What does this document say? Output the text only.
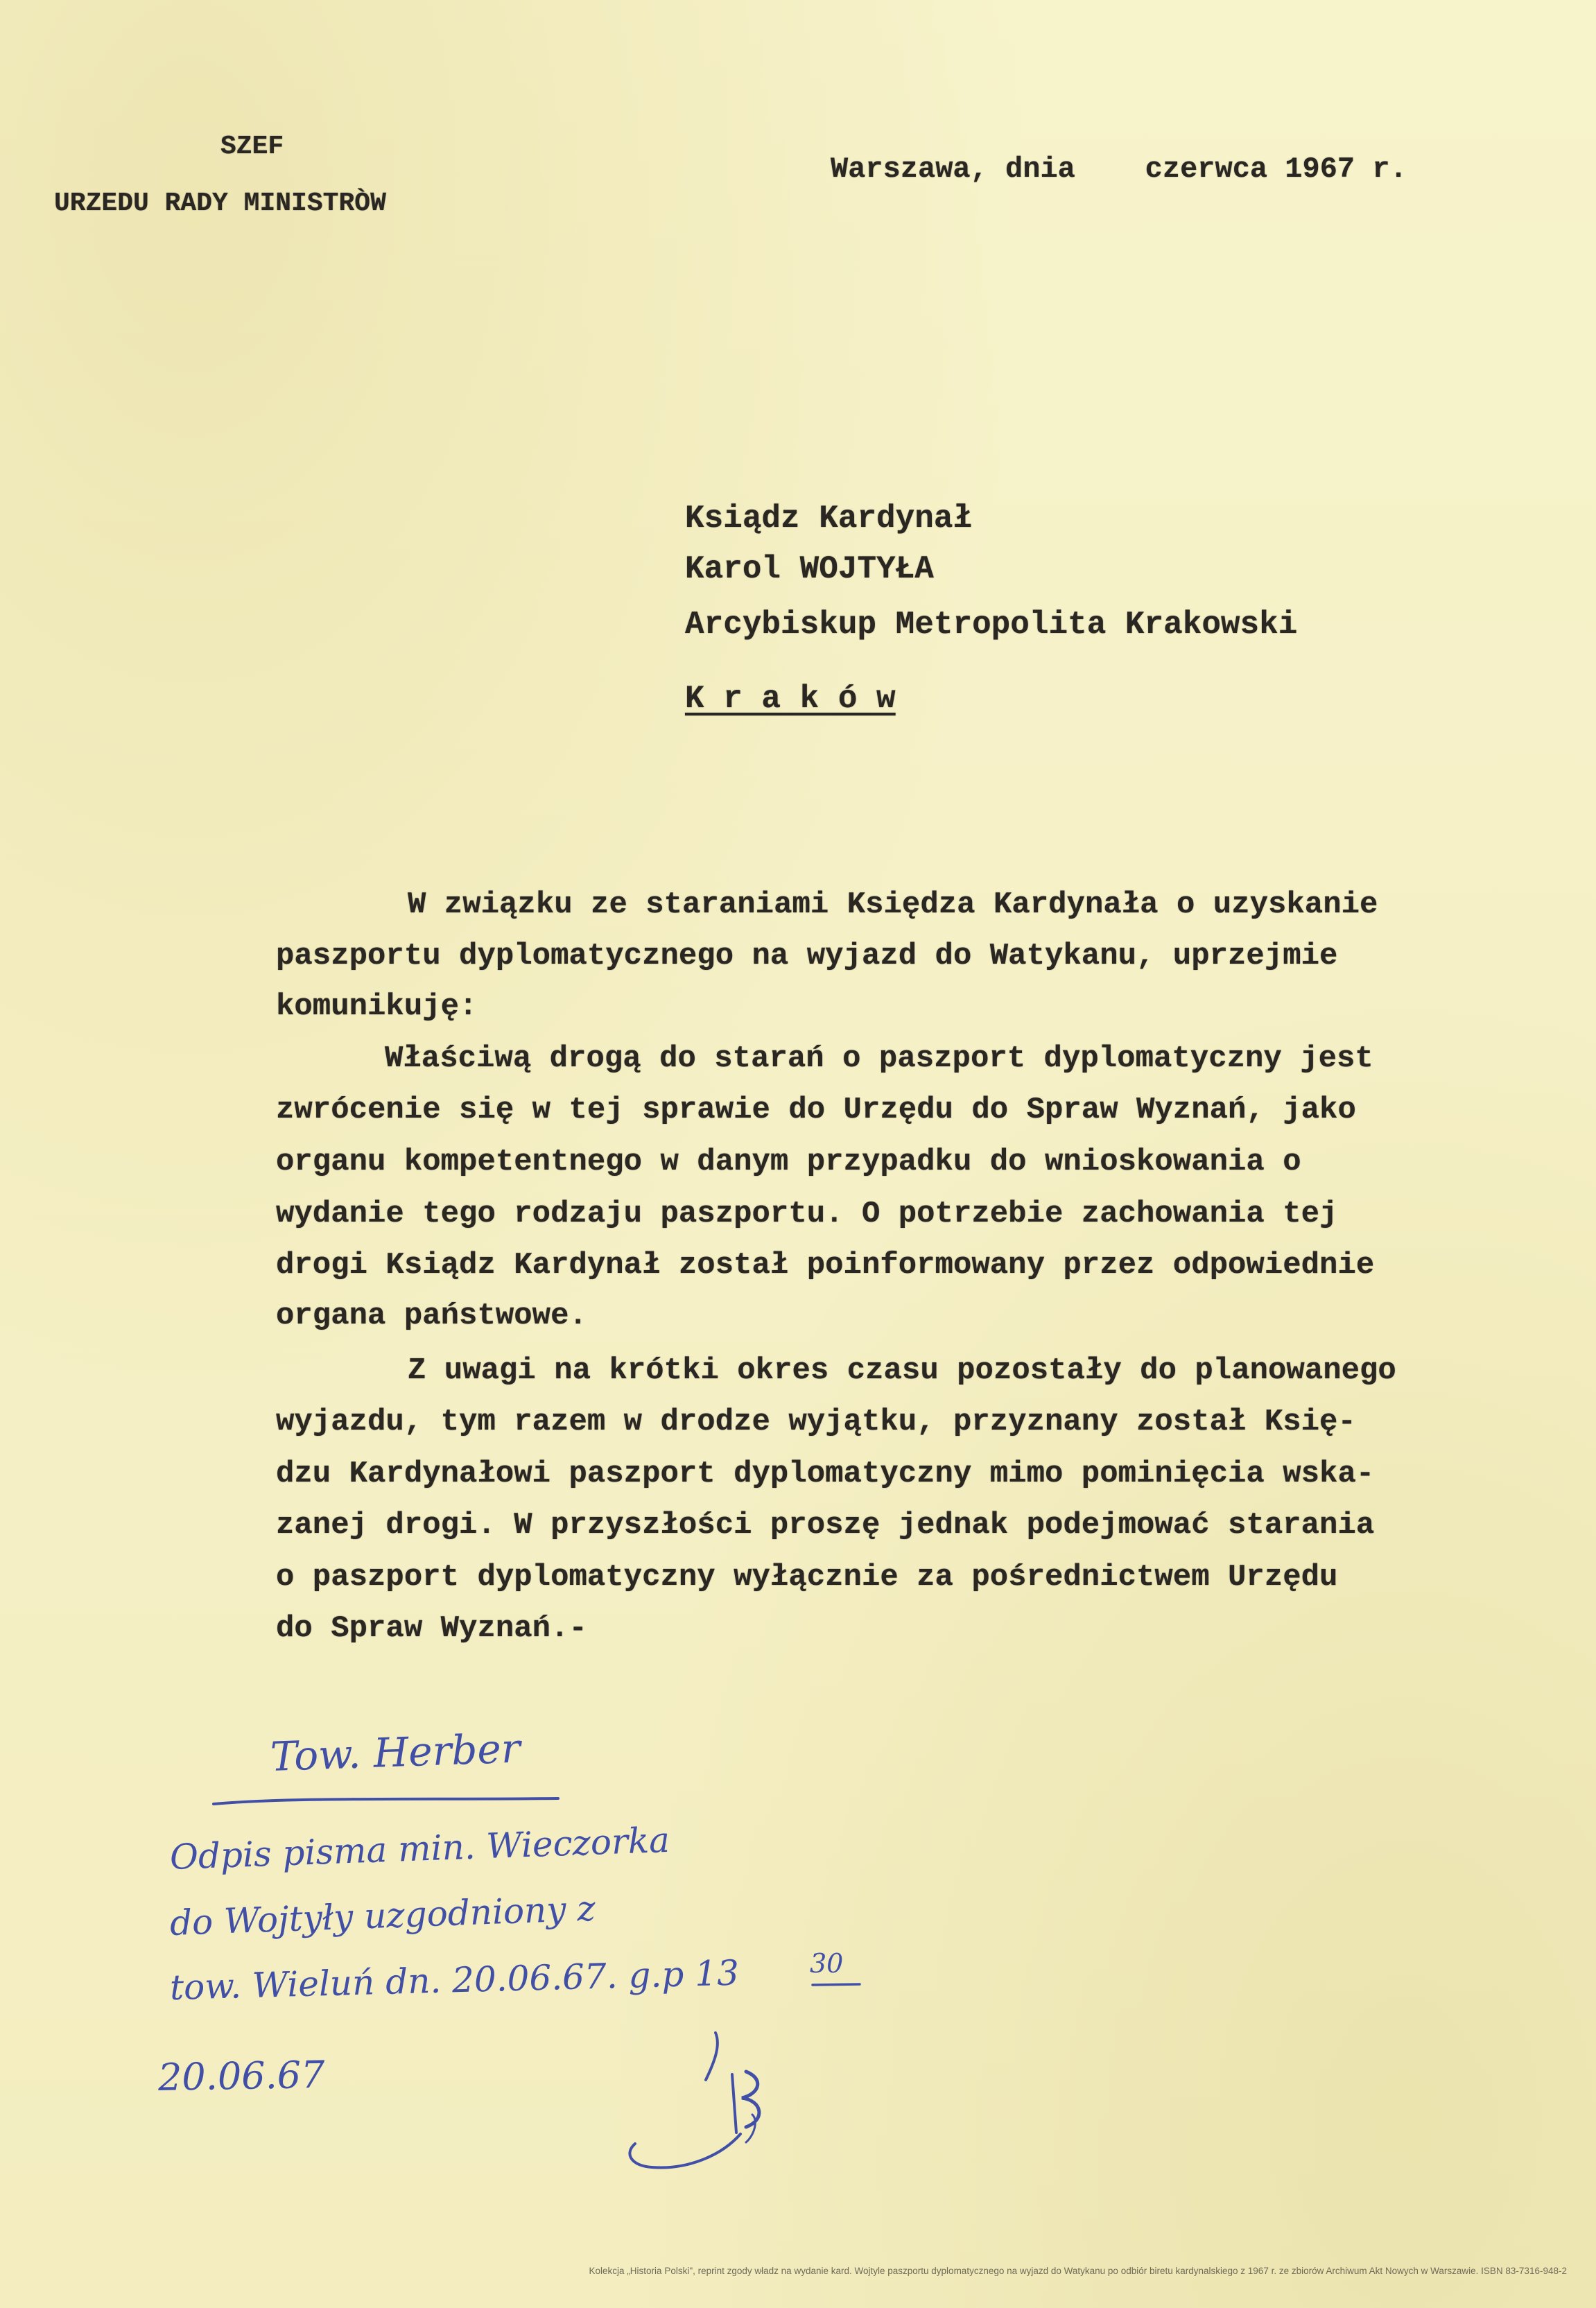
SZEF

URZEDU RADY MINISTRÒW

Warszawa, dnia    czerwca 1967 r.

Ksiądz Kardynał

Karol WOJTYŁA

Arcybiskup Metropolita Krakowski

K r a k ó w

W związku ze staraniami Księdza Kardynała o uzyskanie

paszportu dyplomatycznego na wyjazd do Watykanu, uprzejmie

komunikuję:

Właściwą drogą do starań o paszport dyplomatyczny jest

zwrócenie się w tej sprawie do Urzędu do Spraw Wyznań, jako

organu kompetentnego w danym przypadku do wnioskowania o

wydanie tego rodzaju paszportu. O potrzebie zachowania tej

drogi Ksiądz Kardynał został poinformowany przez odpowiednie

organa państwowe.

Z uwagi na krótki okres czasu pozostały do planowanego

wyjazdu, tym razem w drodze wyjątku, przyznany został Księ-

dzu Kardynałowi paszport dyplomatyczny mimo pominięcia wska-

zanej drogi. W przyszłości proszę jednak podejmować starania

o paszport dyplomatyczny wyłącznie za pośrednictwem Urzędu

do Spraw Wyznań.-

Tow. Herber
Odpis pisma min. Wieczorka
do Wojtyły uzgodniony z
tow. Wieluń dn. 20.06.67. g.p 13	30
20.06.67
Kolekcja „Historia Polski", reprint zgody władz na wydanie kard. Wojtyle paszportu dyplomatycznego na wyjazd do Watykanu po odbiór biretu kardynalskiego z 1967 r. ze zbiorów Archiwum Akt Nowych w Warszawie. ISBN 83-7316-948-2
